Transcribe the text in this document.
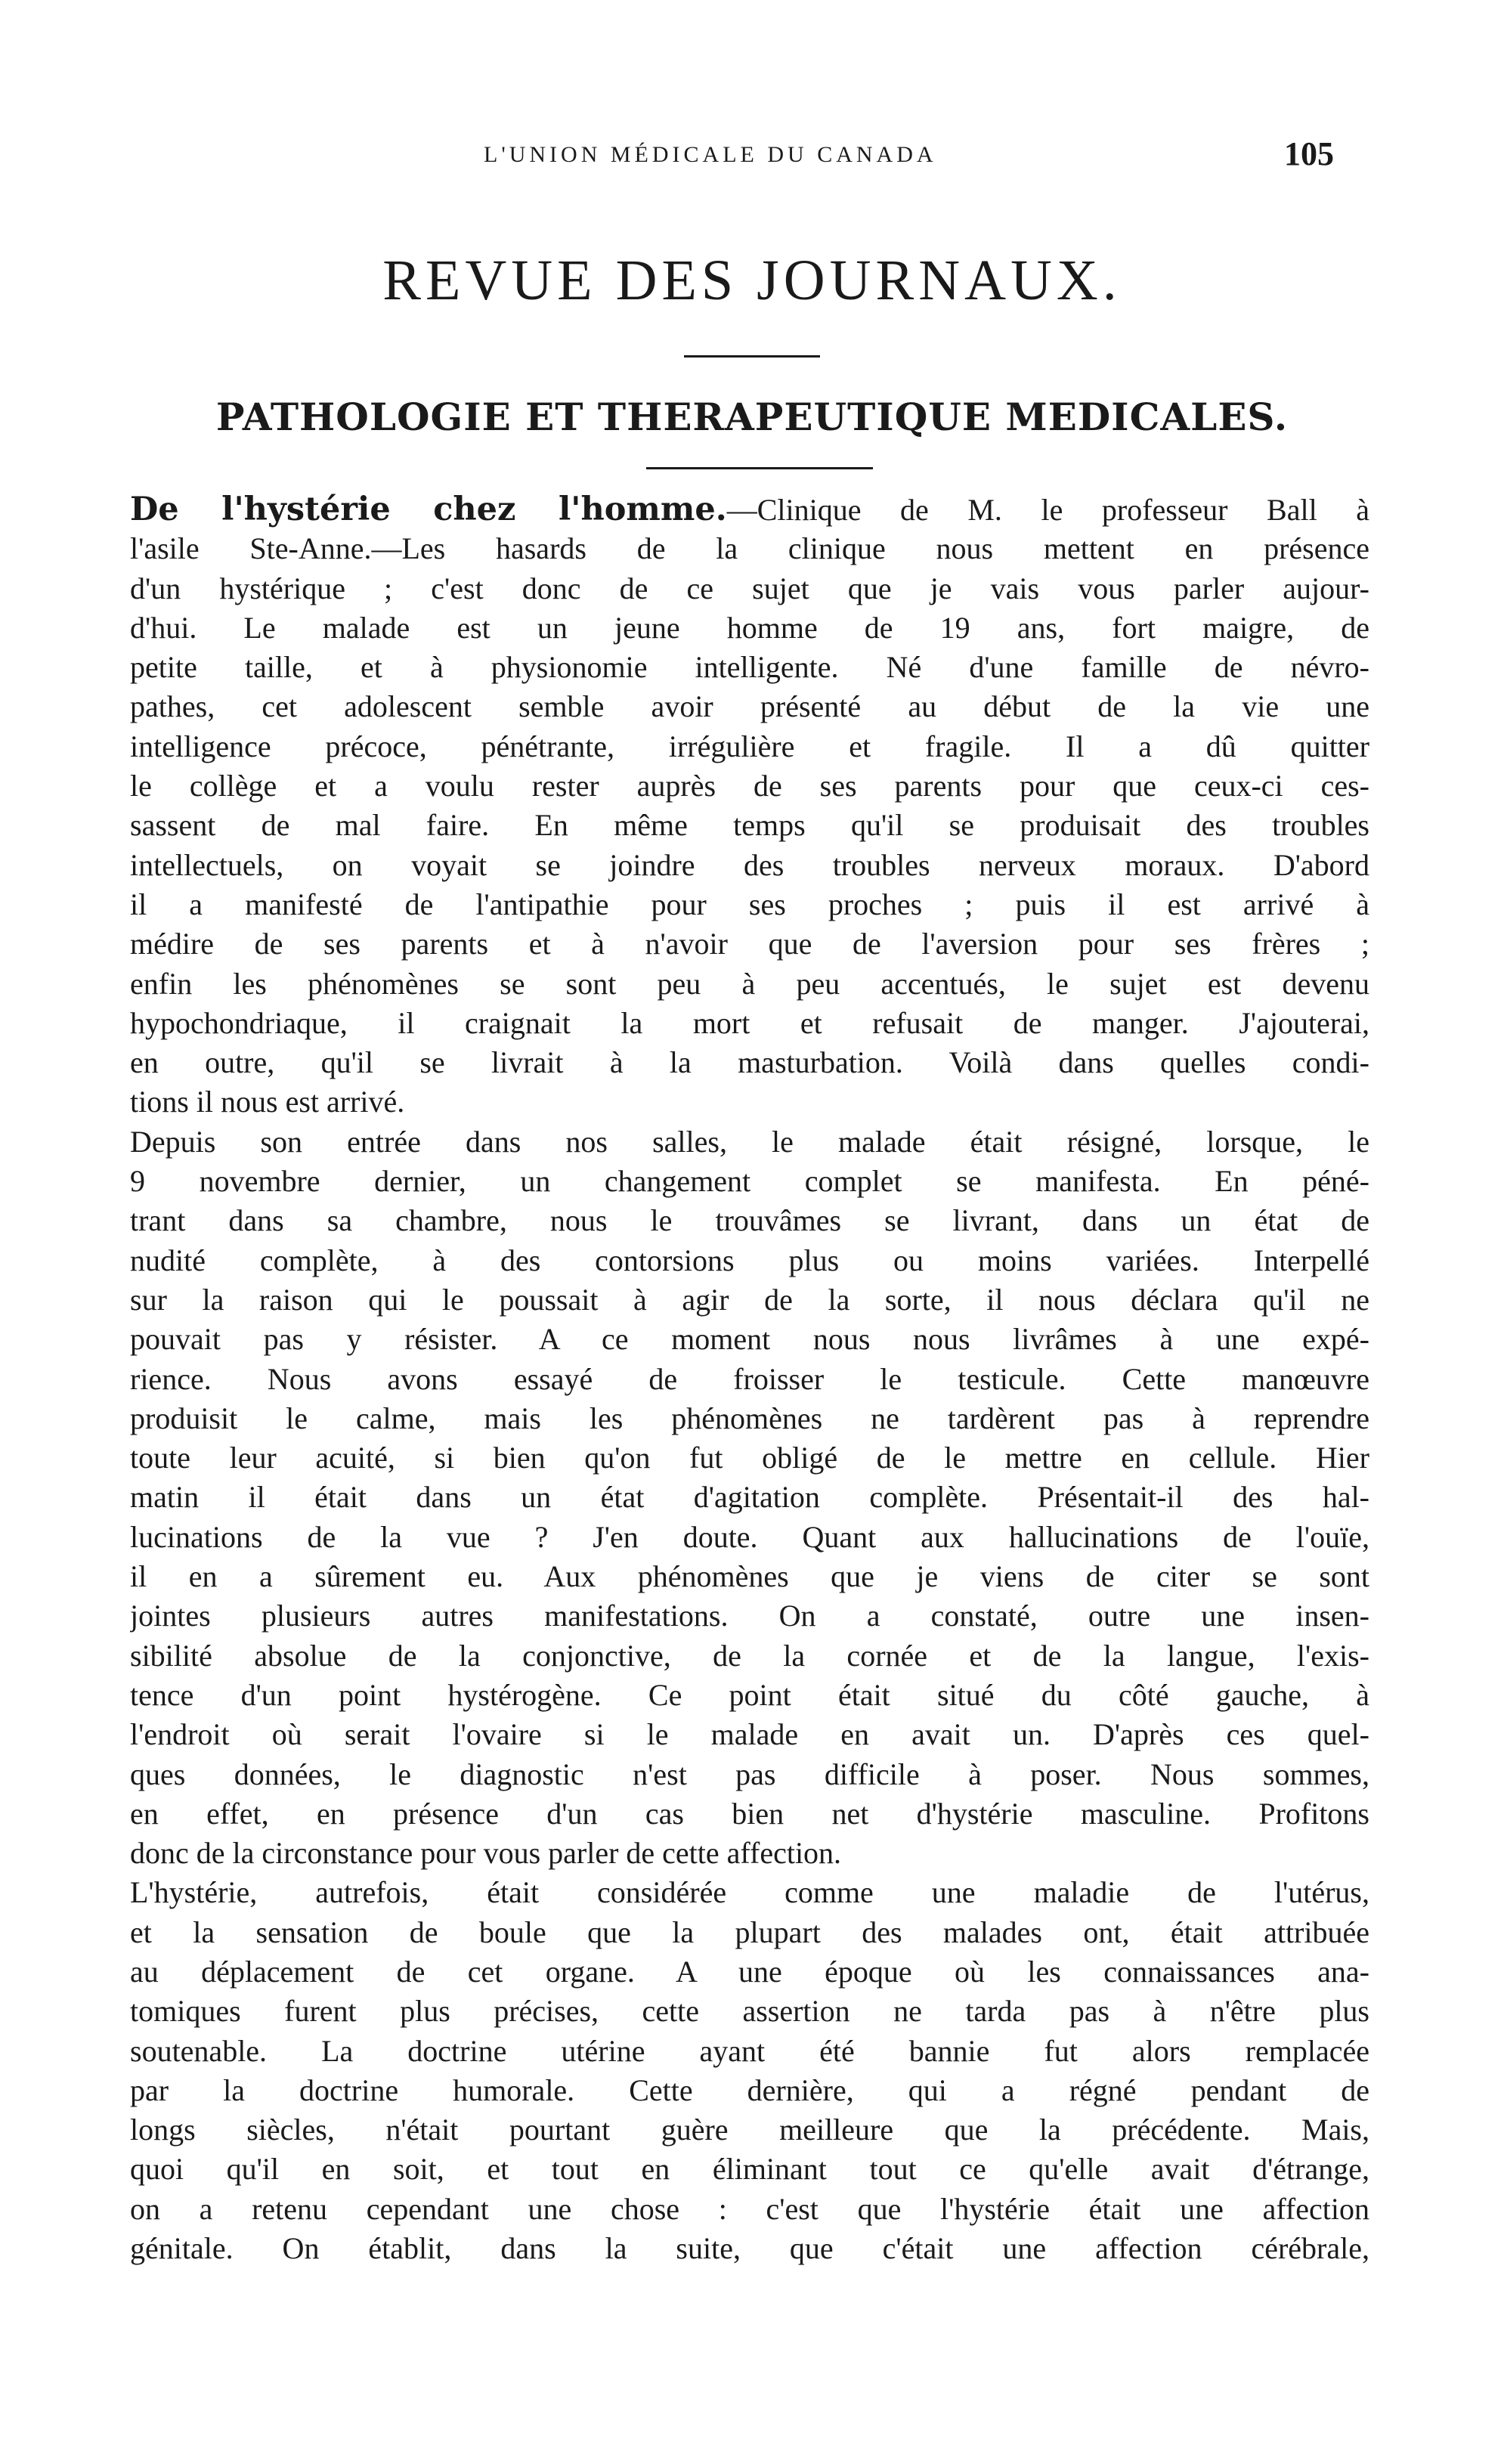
L'UNION MÉDICALE DU CANADA	105
REVUE DES JOURNAUX.
PATHOLOGIE ET THERAPEUTIQUE MEDICALES.
De l'hystérie chez l'homme.—Clinique de M. le professeur Ball à
l'asile Ste-Anne.—Les hasards de la clinique nous mettent en présence
d'un hystérique ; c'est donc de ce sujet que je vais vous parler aujour-
d'hui. Le malade est un jeune homme de 19 ans, fort maigre, de
petite taille, et à physionomie intelligente. Né d'une famille de névro-
pathes, cet adolescent semble avoir présenté au début de la vie une
intelligence précoce, pénétrante, irrégulière et fragile. Il a dû quitter
le collège et a voulu rester auprès de ses parents pour que ceux-ci ces-
sassent de mal faire. En même temps qu'il se produisait des troubles
intellectuels, on voyait se joindre des troubles nerveux moraux. D'abord
il a manifesté de l'antipathie pour ses proches ; puis il est arrivé à
médire de ses parents et à n'avoir que de l'aversion pour ses frères ;
enfin les phénomènes se sont peu à peu accentués, le sujet est devenu
hypochondriaque, il craignait la mort et refusait de manger. J'ajouterai,
en outre, qu'il se livrait à la masturbation. Voilà dans quelles condi-
tions il nous est arrivé.
Depuis son entrée dans nos salles, le malade était résigné, lorsque, le
9 novembre dernier, un changement complet se manifesta. En péné-
trant dans sa chambre, nous le trouvâmes se livrant, dans un état de
nudité complète, à des contorsions plus ou moins variées. Interpellé
sur la raison qui le poussait à agir de la sorte, il nous déclara qu'il ne
pouvait pas y résister. A ce moment nous nous livrâmes à une expé-
rience. Nous avons essayé de froisser le testicule. Cette manœuvre
produisit le calme, mais les phénomènes ne tardèrent pas à reprendre
toute leur acuité, si bien qu'on fut obligé de le mettre en cellule. Hier
matin il était dans un état d'agitation complète. Présentait-il des hal-
lucinations de la vue ? J'en doute. Quant aux hallucinations de l'ouïe,
il en a sûrement eu. Aux phénomènes que je viens de citer se sont
jointes plusieurs autres manifestations. On a constaté, outre une insen-
sibilité absolue de la conjonctive, de la cornée et de la langue, l'exis-
tence d'un point hystérogène. Ce point était situé du côté gauche, à
l'endroit où serait l'ovaire si le malade en avait un. D'après ces quel-
ques données, le diagnostic n'est pas difficile à poser. Nous sommes,
en effet, en présence d'un cas bien net d'hystérie masculine. Profitons
donc de la circonstance pour vous parler de cette affection.
L'hystérie, autrefois, était considérée comme une maladie de l'utérus,
et la sensation de boule que la plupart des malades ont, était attribuée
au déplacement de cet organe. A une époque où les connaissances ana-
tomiques furent plus précises, cette assertion ne tarda pas à n'être plus
soutenable. La doctrine utérine ayant été bannie fut alors remplacée
par la doctrine humorale. Cette dernière, qui a régné pendant de
longs siècles, n'était pourtant guère meilleure que la précédente. Mais,
quoi qu'il en soit, et tout en éliminant tout ce qu'elle avait d'étrange,
on a retenu cependant une chose : c'est que l'hystérie était une affection
génitale. On établit, dans la suite, que c'était une affection cérébrale,
